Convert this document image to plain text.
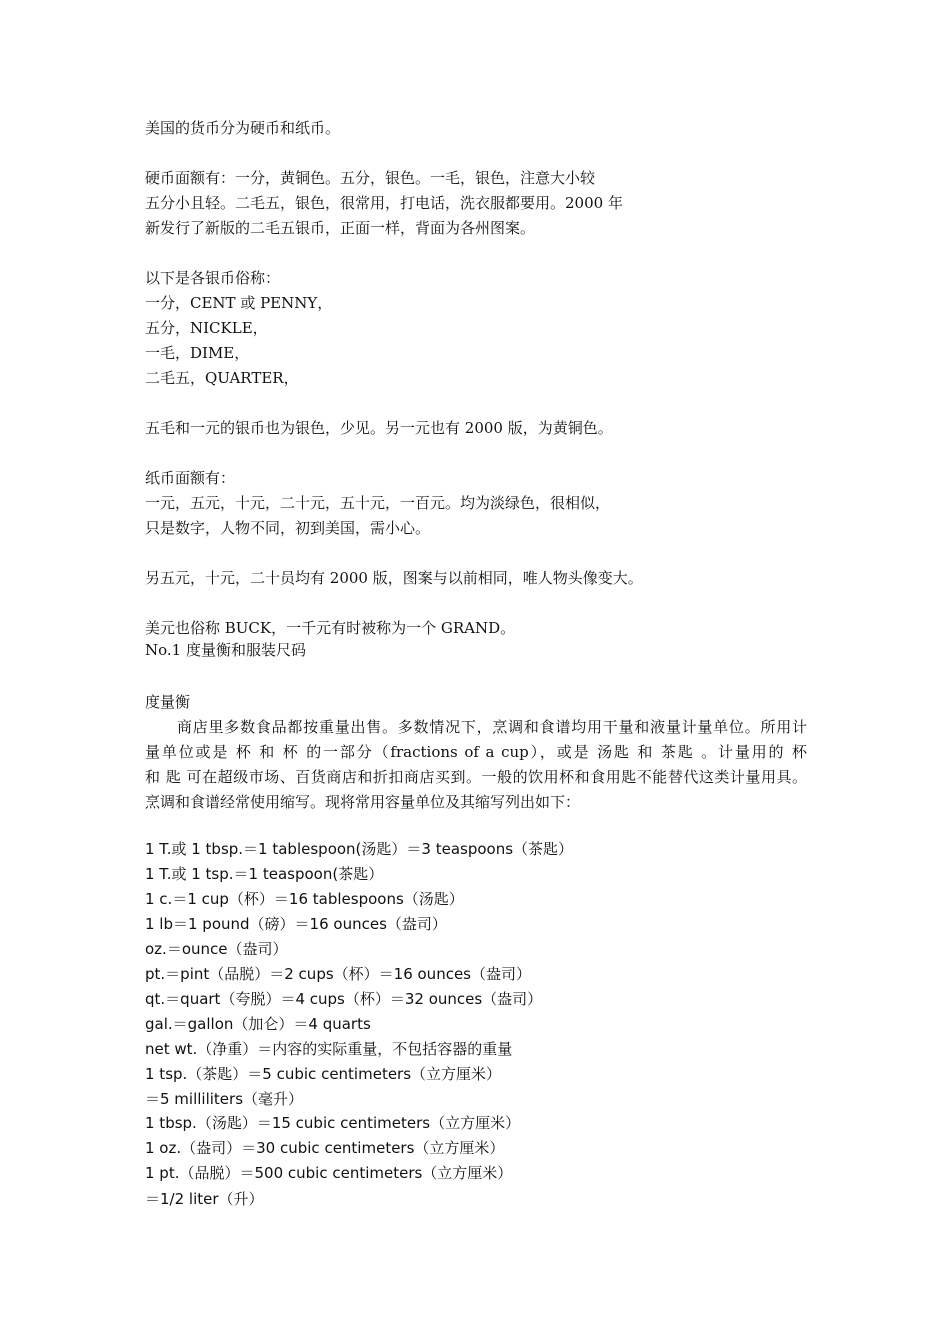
美国的货币分为硬币和纸币。
硬币面额有：一分，黄铜色。五分，银色。一毛，银色，注意大小较
五分小且轻。二毛五，银色，很常用，打电话，洗衣服都要用。2000 年
新发行了新版的二毛五银币，正面一样，背面为各州图案。
以下是各银币俗称：
一分，CENT 或 PENNY，
五分，NICKLE，
一毛，DIME，
二毛五，QUARTER，
五毛和一元的银币也为银色，少见。另一元也有 2000 版，为黄铜色。
纸币面额有：
一元，五元，十元，二十元，五十元，一百元。均为淡绿色，很相似，
只是数字，人物不同，初到美国，需小心。
另五元，十元，二十员均有 2000 版，图案与以前相同，唯人物头像变大。
美元也俗称 BUCK，一千元有时被称为一个 GRAND。
No.1 度量衡和服装尺码
度量衡
商店里多数食品都按重量出售。多数情况下，烹调和食谱均用干量和液量计量单位。所用计
量单位或是 杯 和 杯 的一部分（fractions of a cup），或是 汤匙 和 茶匙 。计量用的 杯
和 匙 可在超级市场、百货商店和折扣商店买到。一般的饮用杯和食用匙不能替代这类计量用具。
烹调和食谱经常使用缩写。现将常用容量单位及其缩写列出如下：
1 T.或 1 tbsp.＝1 tablespoon(汤匙）＝3 teaspoons（茶匙）
1 T.或 1 tsp.＝1 teaspoon(茶匙）
1 c.＝1 cup（杯）＝16 tablespoons（汤匙）
1 lb＝1 pound（磅）＝16 ounces（盎司）
oz.＝ounce（盎司）
pt.＝pint（品脱）＝2 cups（杯）＝16 ounces（盎司）
qt.＝quart（夸脱）＝4 cups（杯）＝32 ounces（盎司）
gal.＝gallon（加仑）＝4 quarts
net wt.（净重）＝内容的实际重量，不包括容器的重量
1 tsp.（茶匙）＝5 cubic centimeters（立方厘米）
＝5 milliliters（毫升）
1 tbsp.（汤匙）＝15 cubic centimeters（立方厘米）
1 oz.（盎司）＝30 cubic centimeters（立方厘米）
1 pt.（品脱）＝500 cubic centimeters（立方厘米）
＝1/2 liter（升）
